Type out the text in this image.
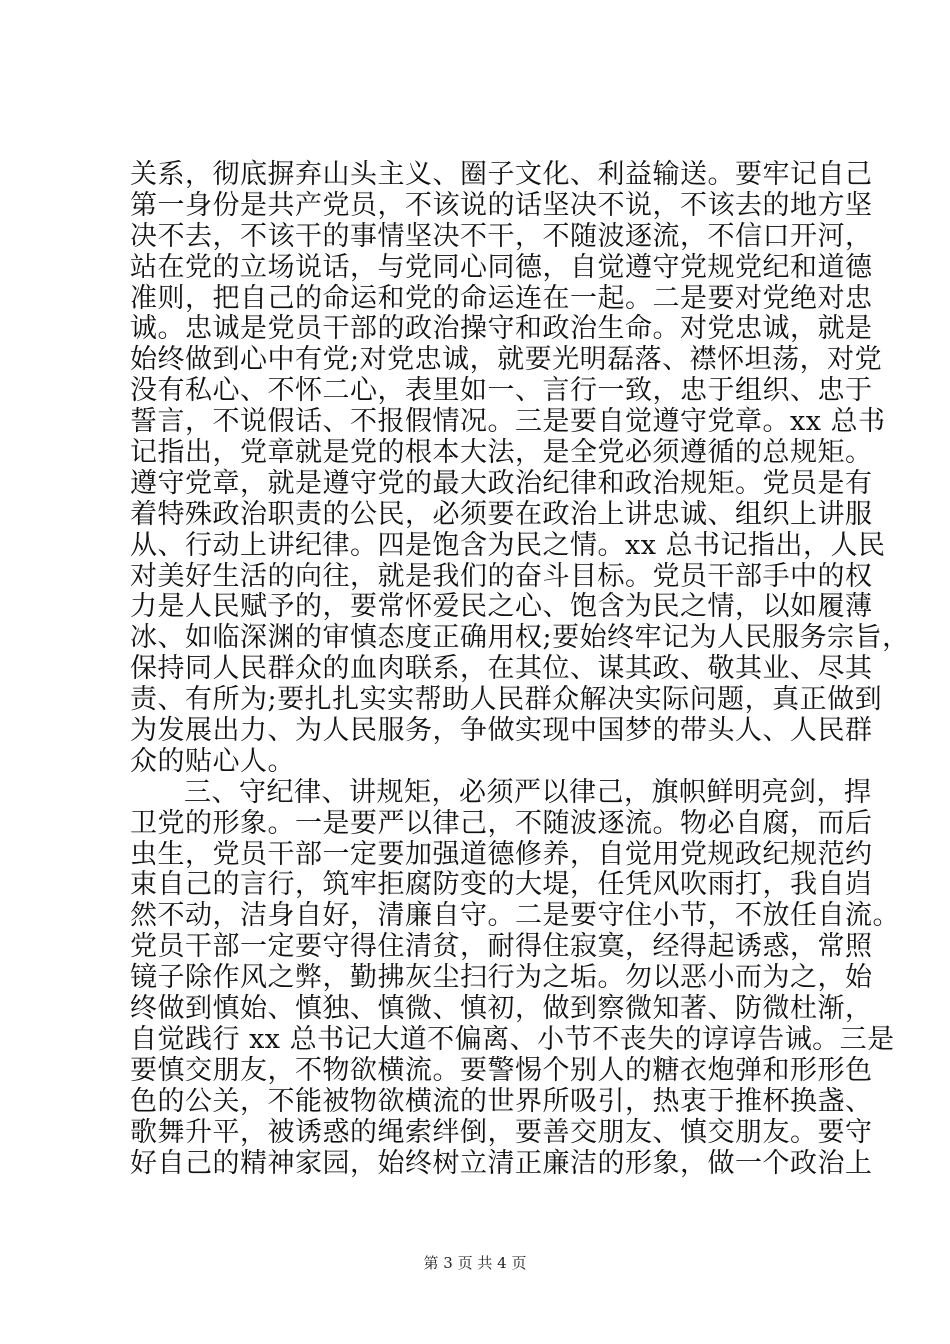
关系，彻底摒弃山头主义、圈子文化、利益输送。要牢记自己
第一身份是共产党员，不该说的话坚决不说，不该去的地方坚
决不去，不该干的事情坚决不干，不随波逐流，不信口开河，
站在党的立场说话，与党同心同德，自觉遵守党规党纪和道德
准则，把自己的命运和党的命运连在一起。二是要对党绝对忠
诚。忠诚是党员干部的政治操守和政治生命。对党忠诚，就是
始终做到心中有党;对党忠诚，就要光明磊落、襟怀坦荡，对党
没有私心、不怀二心，表里如一、言行一致，忠于组织、忠于
誓言，不说假话、不报假情况。三是要自觉遵守党章。xx 总书
记指出，党章就是党的根本大法，是全党必须遵循的总规矩。
遵守党章，就是遵守党的最大政治纪律和政治规矩。党员是有
着特殊政治职责的公民，必须要在政治上讲忠诚、组织上讲服
从、行动上讲纪律。四是饱含为民之情。xx 总书记指出，人民
对美好生活的向往，就是我们的奋斗目标。党员干部手中的权
力是人民赋予的，要常怀爱民之心、饱含为民之情，以如履薄
冰、如临深渊的审慎态度正确用权;要始终牢记为人民服务宗旨，
保持同人民群众的血肉联系，在其位、谋其政、敬其业、尽其
责、有所为;要扎扎实实帮助人民群众解决实际问题，真正做到
为发展出力、为人民服务，争做实现中国梦的带头人、人民群
众的贴心人。
三、守纪律、讲规矩，必须严以律己，旗帜鲜明亮剑，捍
卫党的形象。一是要严以律己，不随波逐流。物必自腐，而后
虫生，党员干部一定要加强道德修养，自觉用党规政纪规范约
束自己的言行，筑牢拒腐防变的大堤，任凭风吹雨打，我自岿
然不动，洁身自好，清廉自守。二是要守住小节，不放任自流。
党员干部一定要守得住清贫，耐得住寂寞，经得起诱惑，常照
镜子除作风之弊，勤拂灰尘扫行为之垢。勿以恶小而为之，始
终做到慎始、慎独、慎微、慎初，做到察微知著、防微杜渐，
自觉践行 xx 总书记大道不偏离、小节不丧失的谆谆告诫。三是
要慎交朋友，不物欲横流。要警惕个别人的糖衣炮弹和形形色
色的公关，不能被物欲横流的世界所吸引，热衷于推杯换盏、
歌舞升平，被诱惑的绳索绊倒，要善交朋友、慎交朋友。要守
好自己的精神家园，始终树立清正廉洁的形象，做一个政治上
第 3 页 共 4 页
